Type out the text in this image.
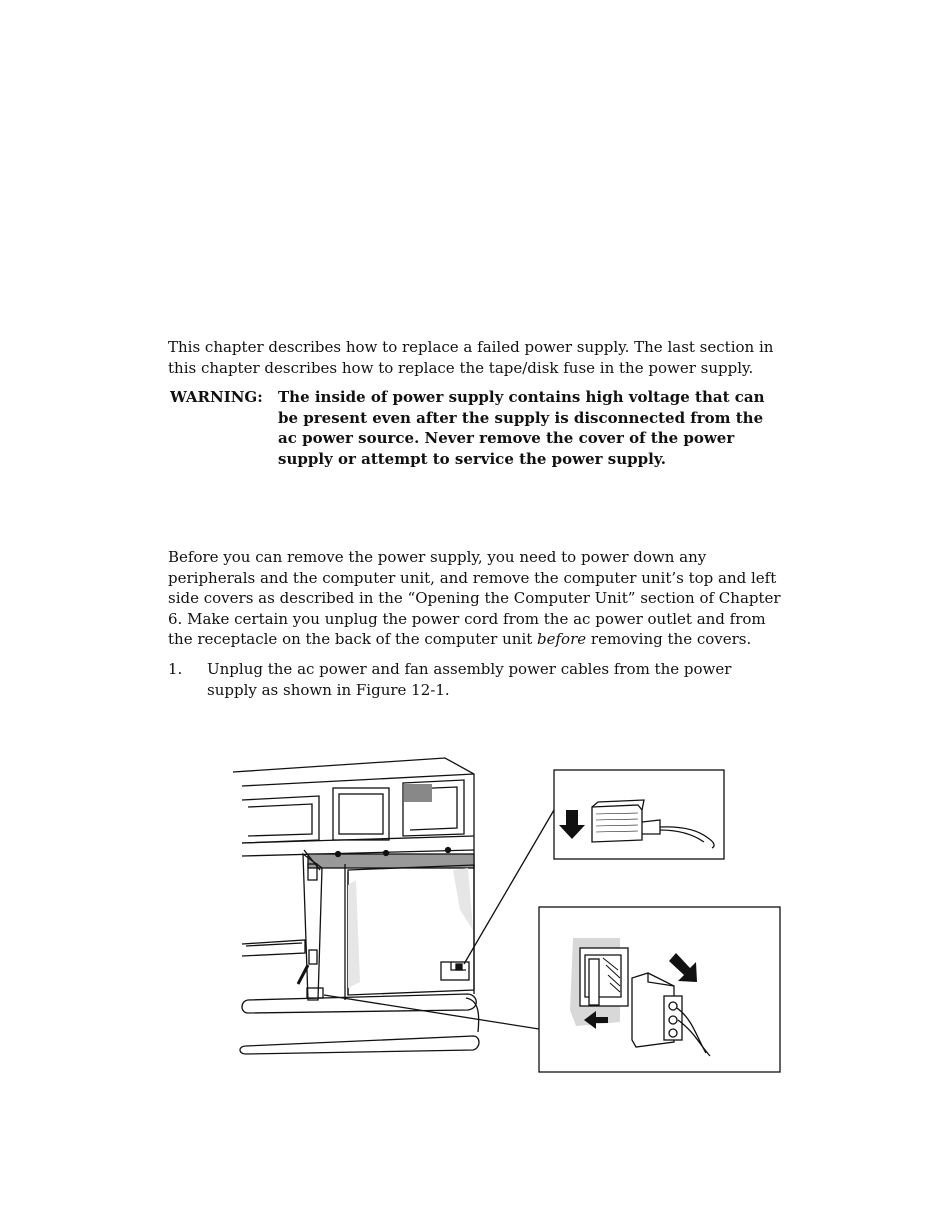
This chapter describes how to replace a failed power supply. The last section in this chapter describes how to replace the tape/disk fuse in the power supply.
WARNING:	The inside of power supply contains high voltage that can be present even after the supply is disconnected from the ac power source. Never remove the cover of the power supply or attempt to service the power supply.
Before you can remove the power supply, you need to power down any peripherals and the computer unit, and remove the computer unit’s top and left side covers as described in the “Opening the Computer Unit” section of Chapter 6. Make certain you unplug the power cord from the ac power outlet and from the receptacle on the back of the computer unit before removing the covers.
1.	Unplug the ac power and fan assembly power cables from the power supply as shown in Figure 12-1.
